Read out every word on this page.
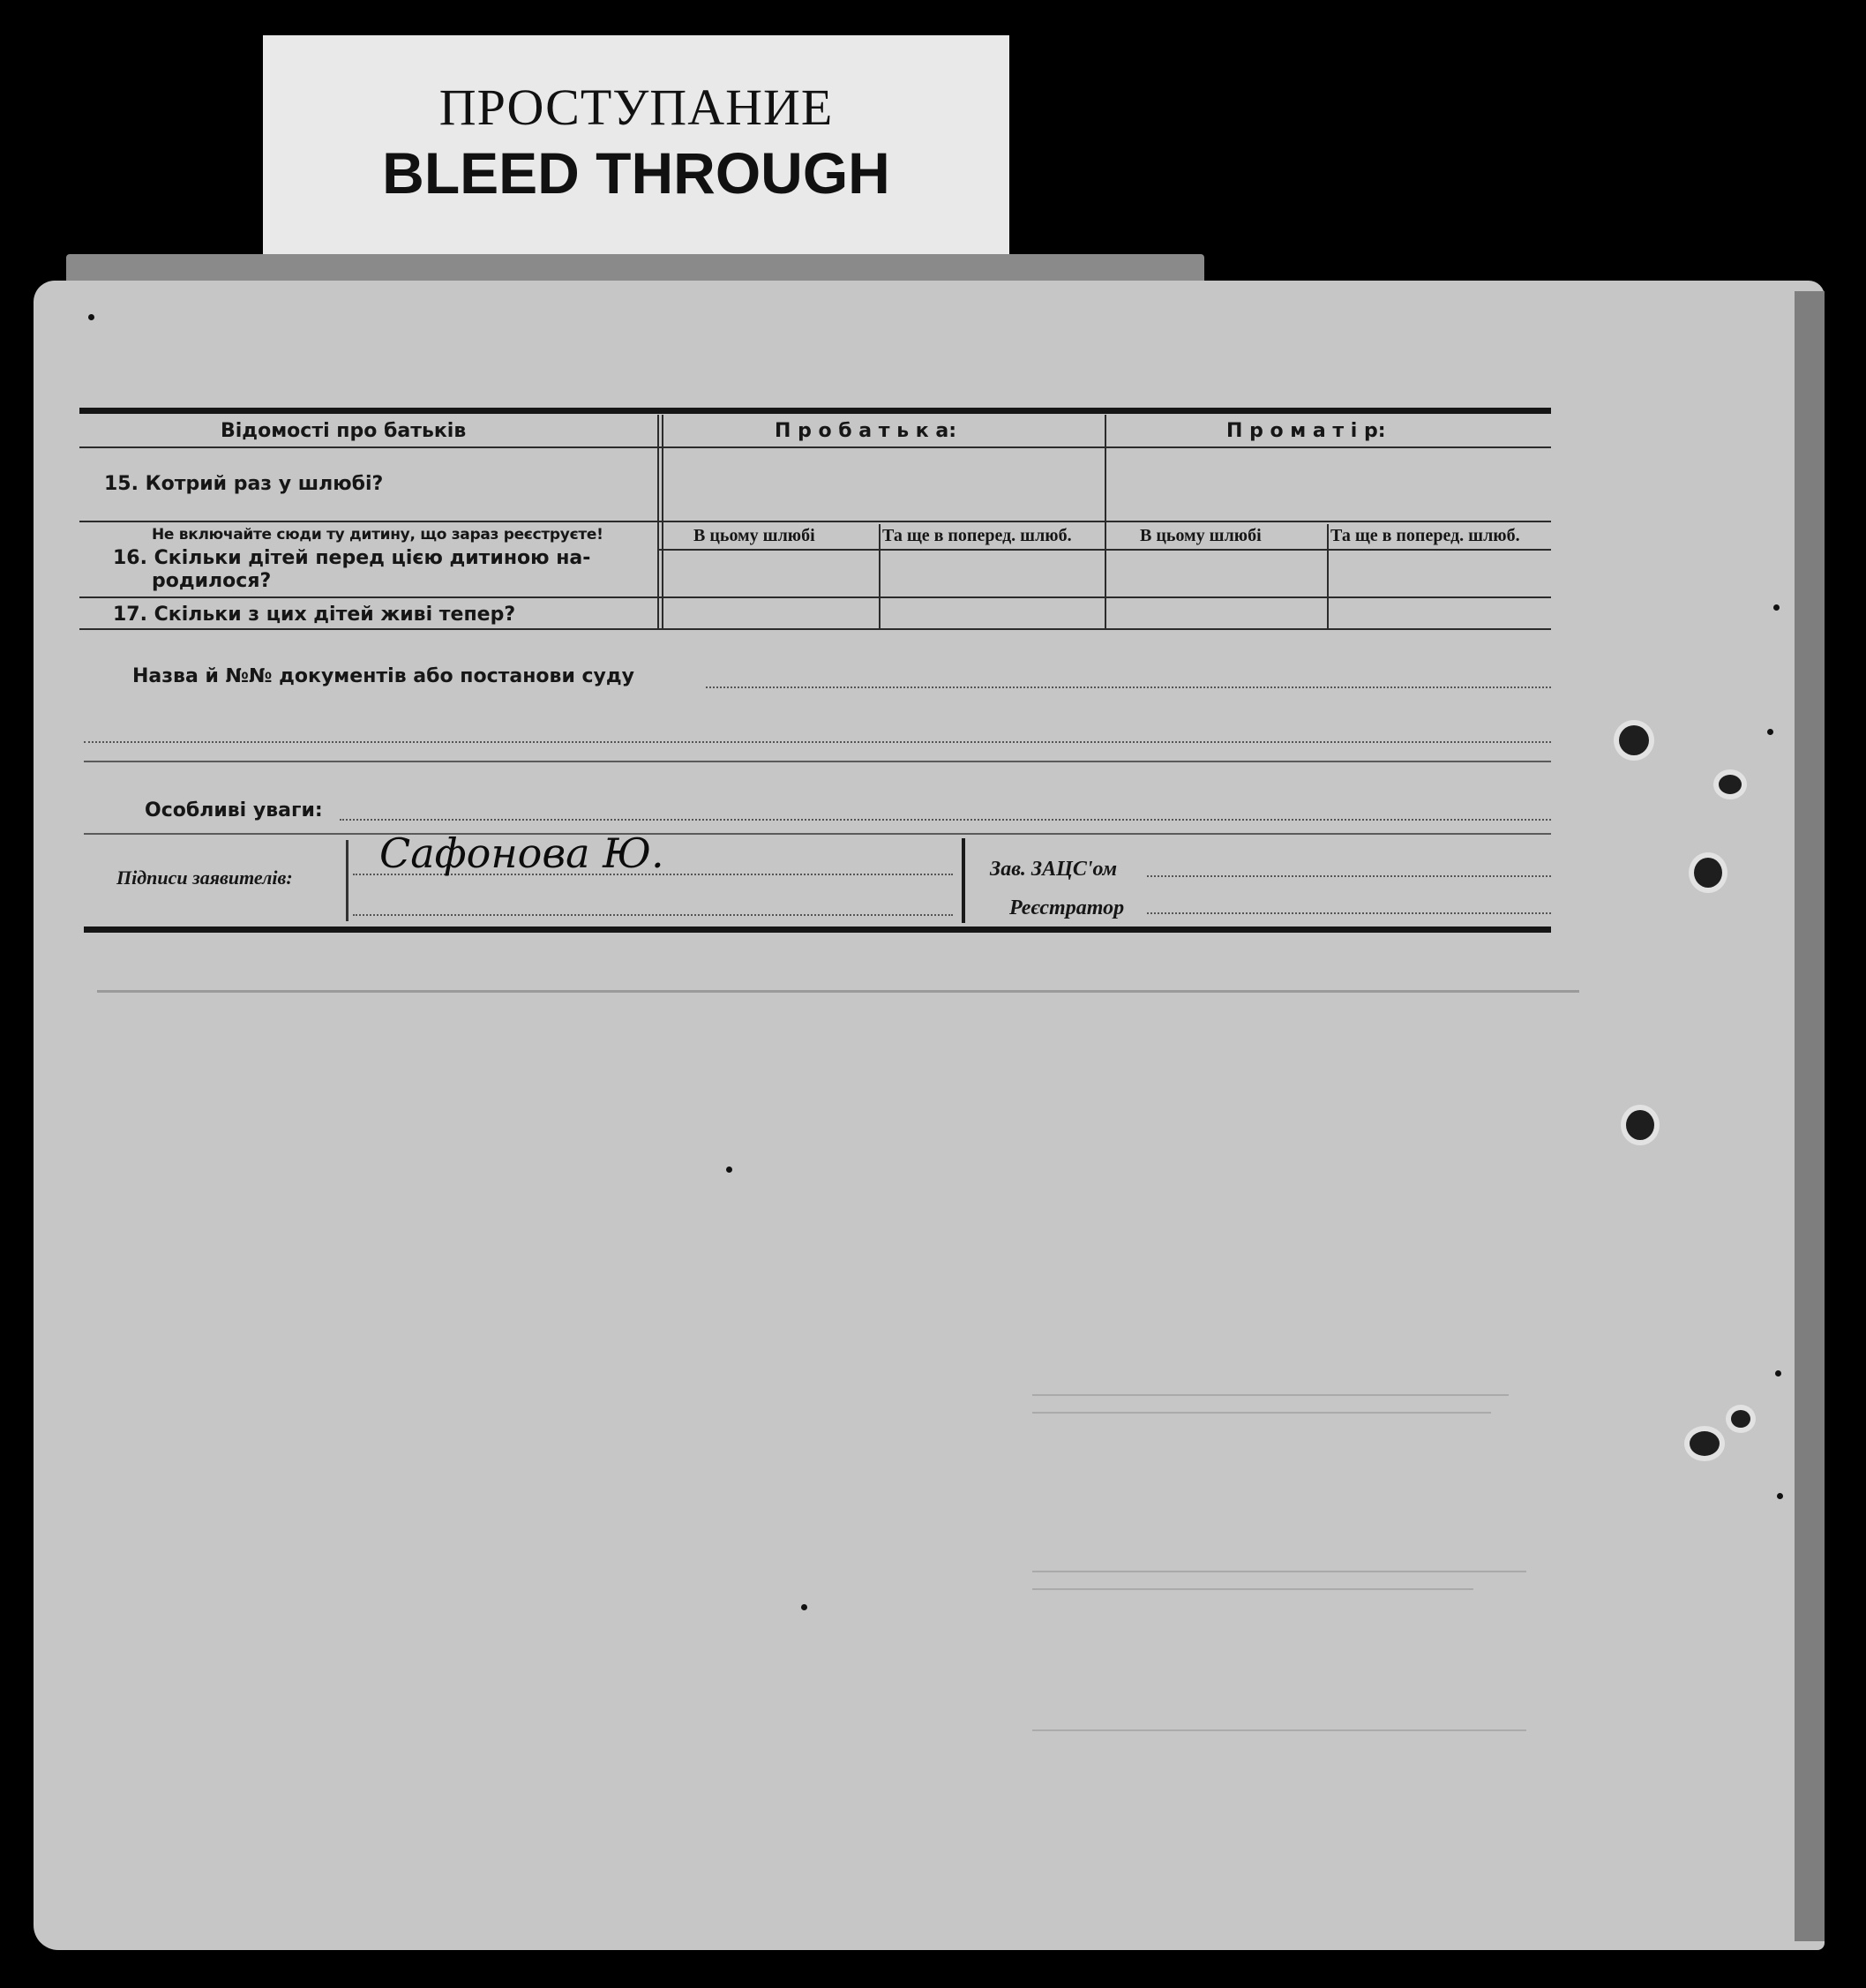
ПРОСТУПАНИЕ
BLEED THROUGH
Відомості про батьків	П р о б а т ь к а:	П р о м а т і р:
15. Котрий раз у шлюбі?
Не включайте сюди ту дитину, що зараз реєструєте!
16. Скільки дітей перед цією дитиною на-
родилося?
В цьому шлюбі	Та ще в поперед. шлюб.	В цьому шлюбі	Та ще в поперед. шлюб.
17. Скільки з цих дітей живі тепер?
Назва й №№ документів або постанови суду
Особливі уваги:
Підписи заявителів:
Сафонова Ю.	Зав. ЗАЦС'ом
Реєстратор
